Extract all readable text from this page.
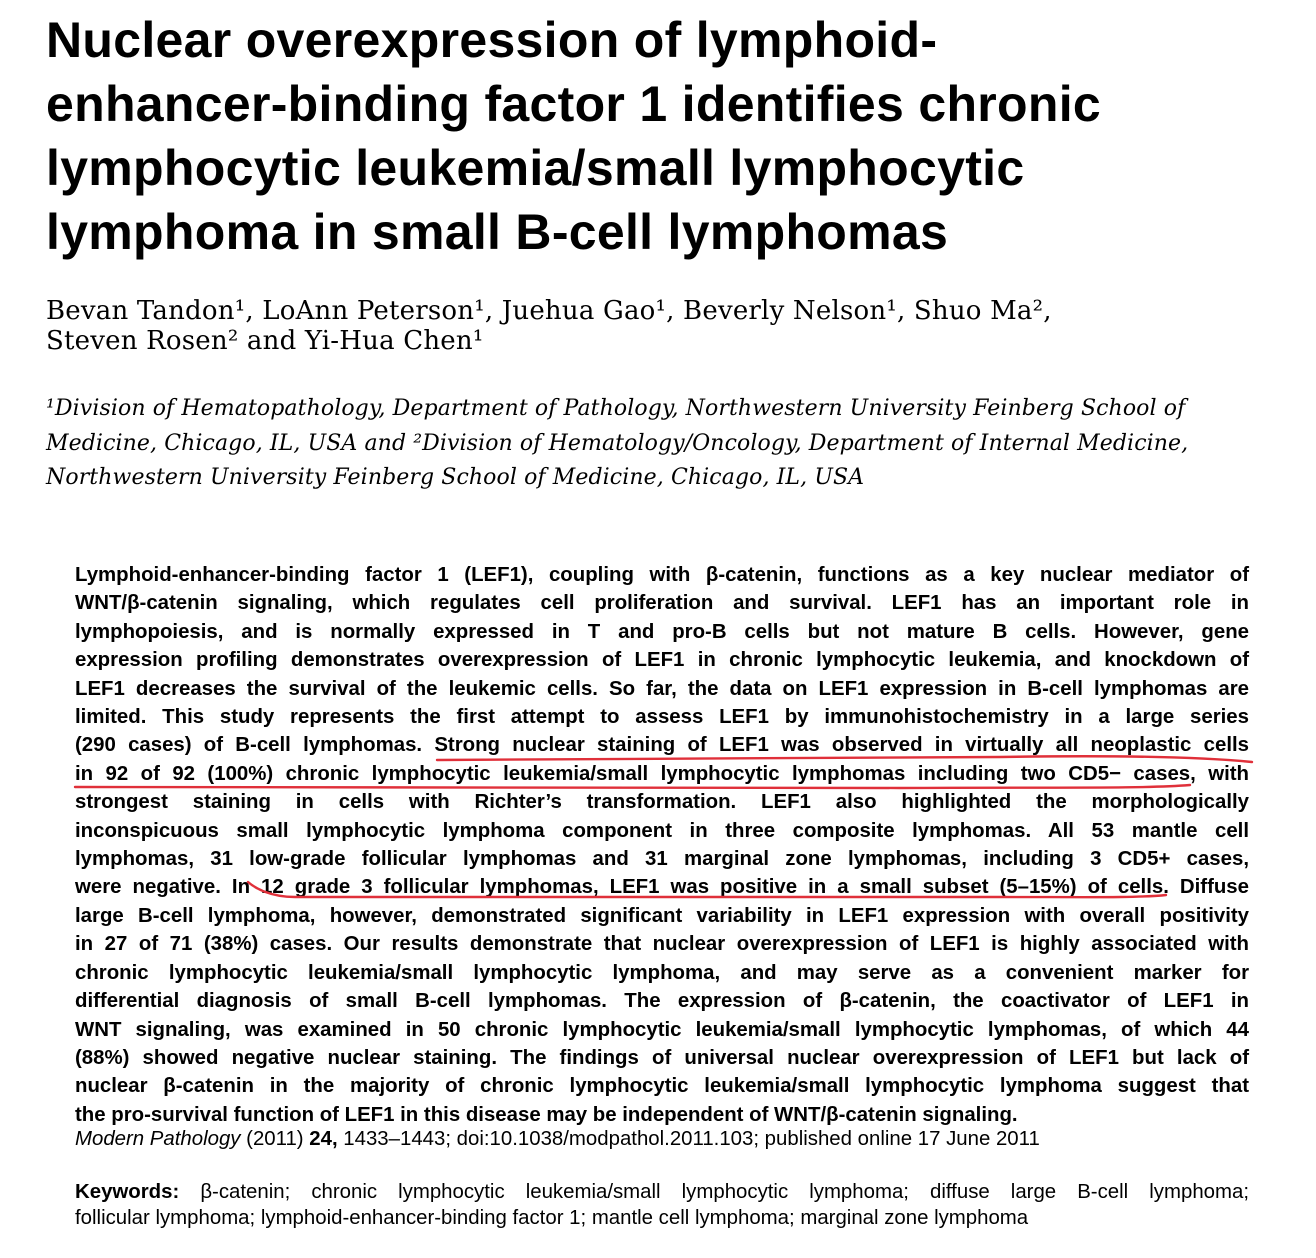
Nuclear overexpression of lymphoid-
enhancer-binding factor 1 identifies chronic
lymphocytic leukemia/small lymphocytic
lymphoma in small B-cell lymphomas
Bevan Tandon¹, LoAnn Peterson¹, Juehua Gao¹, Beverly Nelson¹, Shuo Ma²,
Steven Rosen² and Yi-Hua Chen¹
¹Division of Hematopathology, Department of Pathology, Northwestern University Feinberg School of
Medicine, Chicago, IL, USA and ²Division of Hematology/Oncology, Department of Internal Medicine,
Northwestern University Feinberg School of Medicine, Chicago, IL, USA
Lymphoid-enhancer-binding factor 1 (LEF1), coupling with β-catenin, functions as a key nuclear mediator of
WNT/β-catenin signaling, which regulates cell proliferation and survival. LEF1 has an important role in
lymphopoiesis, and is normally expressed in T and pro-B cells but not mature B cells. However, gene
expression profiling demonstrates overexpression of LEF1 in chronic lymphocytic leukemia, and knockdown of
LEF1 decreases the survival of the leukemic cells. So far, the data on LEF1 expression in B-cell lymphomas are
limited. This study represents the first attempt to assess LEF1 by immunohistochemistry in a large series
(290 cases) of B-cell lymphomas. Strong nuclear staining of LEF1 was observed in virtually all neoplastic cells
in 92 of 92 (100%) chronic lymphocytic leukemia/small lymphocytic lymphomas including two CD5− cases, with
strongest staining in cells with Richter’s transformation. LEF1 also highlighted the morphologically
inconspicuous small lymphocytic lymphoma component in three composite lymphomas. All 53 mantle cell
lymphomas, 31 low-grade follicular lymphomas and 31 marginal zone lymphomas, including 3 CD5+ cases,
were negative. In 12 grade 3 follicular lymphomas, LEF1 was positive in a small subset (5–15%) of cells. Diffuse
large B-cell lymphoma, however, demonstrated significant variability in LEF1 expression with overall positivity
in 27 of 71 (38%) cases. Our results demonstrate that nuclear overexpression of LEF1 is highly associated with
chronic lymphocytic leukemia/small lymphocytic lymphoma, and may serve as a convenient marker for
differential diagnosis of small B-cell lymphomas. The expression of β-catenin, the coactivator of LEF1 in
WNT signaling, was examined in 50 chronic lymphocytic leukemia/small lymphocytic lymphomas, of which 44
(88%) showed negative nuclear staining. The findings of universal nuclear overexpression of LEF1 but lack of
nuclear β-catenin in the majority of chronic lymphocytic leukemia/small lymphocytic lymphoma suggest that
the pro-survival function of LEF1 in this disease may be independent of WNT/β-catenin signaling.
Modern Pathology (2011) 24, 1433–1443; doi:10.1038/modpathol.2011.103; published online 17 June 2011
Keywords: β-catenin; chronic lymphocytic leukemia/small lymphocytic lymphoma; diffuse large B-cell lymphoma;
follicular lymphoma; lymphoid-enhancer-binding factor 1; mantle cell lymphoma; marginal zone lymphoma
